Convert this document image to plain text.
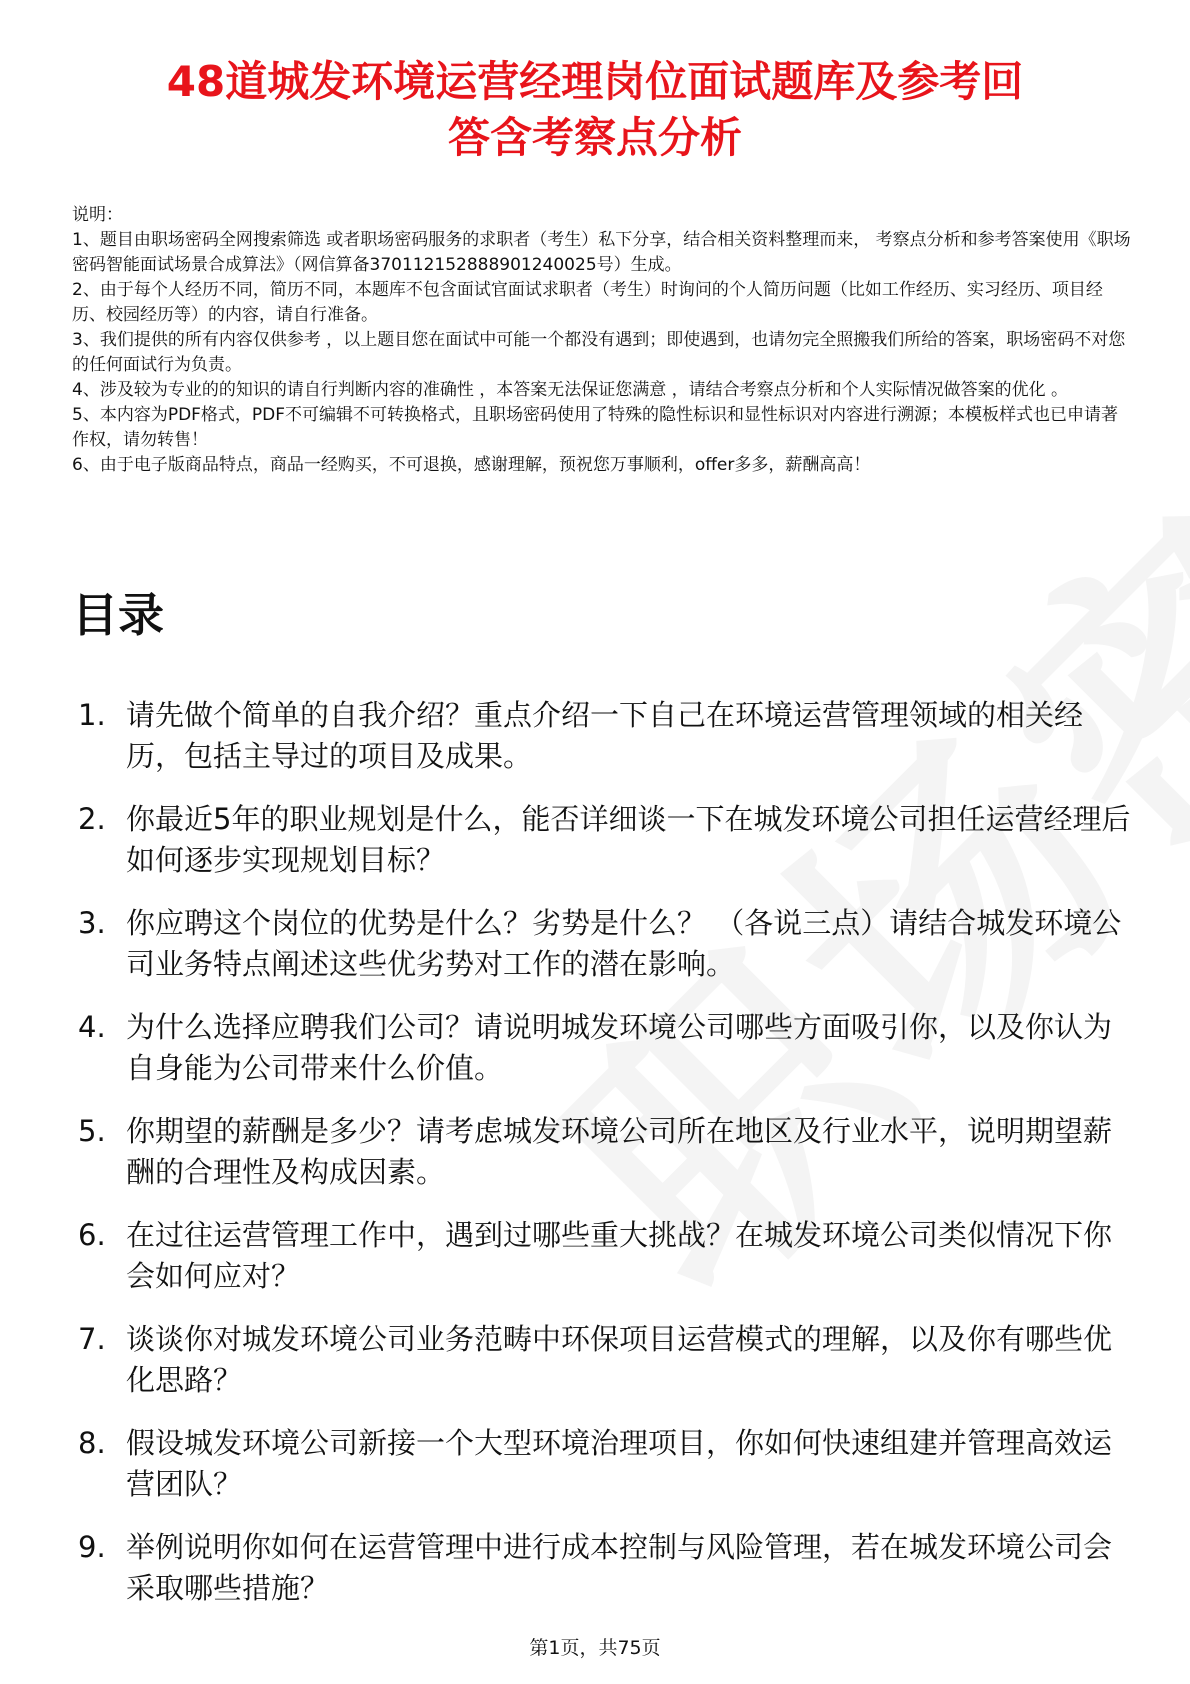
48道城发环境运营经理岗位面试题库及参考回
答含考察点分析

说明：

1、题目由职场密码全网搜索筛选 或者职场密码服务的求职者（考生）私下分享，结合相关资料整理而来， 考察点分析和参考答案使用《职场密码智能面试场景合成算法》（网信算备370112152888901240025号）生成。

2、由于每个人经历不同，简历不同，本题库不包含面试官面试求职者（考生）时询问的个人简历问题（比如工作经历、实习经历、项目经历、校园经历等）的内容，请自行准备。

3、我们提供的所有内容仅供参考 ，以上题目您在面试中可能一个都没有遇到；即使遇到，也请勿完全照搬我们所给的答案，职场密码不对您的任何面试行为负责。

4、涉及较为专业的的知识的请自行判断内容的准确性 ，本答案无法保证您满意 ，请结合考察点分析和个人实际情况做答案的优化 。

5、本内容为PDF格式，PDF不可编辑不可转换格式，且职场密码使用了特殊的隐性标识和显性标识对内容进行溯源；本模板样式也已申请著作权，请勿转售！

6、由于电子版商品特点，商品一经购买，不可退换，感谢理解，预祝您万事顺利，offer多多，薪酬高高！

目录
1. 请先做个简单的自我介绍？重点介绍一下自己在环境运营管理领域的相关经历，包括主导过的项目及成果。
2. 你最近5年的职业规划是什么，能否详细谈一下在城发环境公司担任运营经理后如何逐步实现规划目标？
3. 你应聘这个岗位的优势是什么？劣势是什么？ （各说三点）请结合城发环境公司业务特点阐述这些优劣势对工作的潜在影响。
4. 为什么选择应聘我们公司？请说明城发环境公司哪些方面吸引你，以及你认为自身能为公司带来什么价值。
5. 你期望的薪酬是多少？请考虑城发环境公司所在地区及行业水平，说明期望薪酬的合理性及构成因素。
6. 在过往运营管理工作中，遇到过哪些重大挑战？在城发环境公司类似情况下你会如何应对？
7. 谈谈你对城发环境公司业务范畴中环保项目运营模式的理解，以及你有哪些优化思路？
8. 假设城发环境公司新接一个大型环境治理项目，你如何快速组建并管理高效运营团队？
9. 举例说明你如何在运营管理中进行成本控制与风险管理，若在城发环境公司会采取哪些措施？
第1页，共75页
